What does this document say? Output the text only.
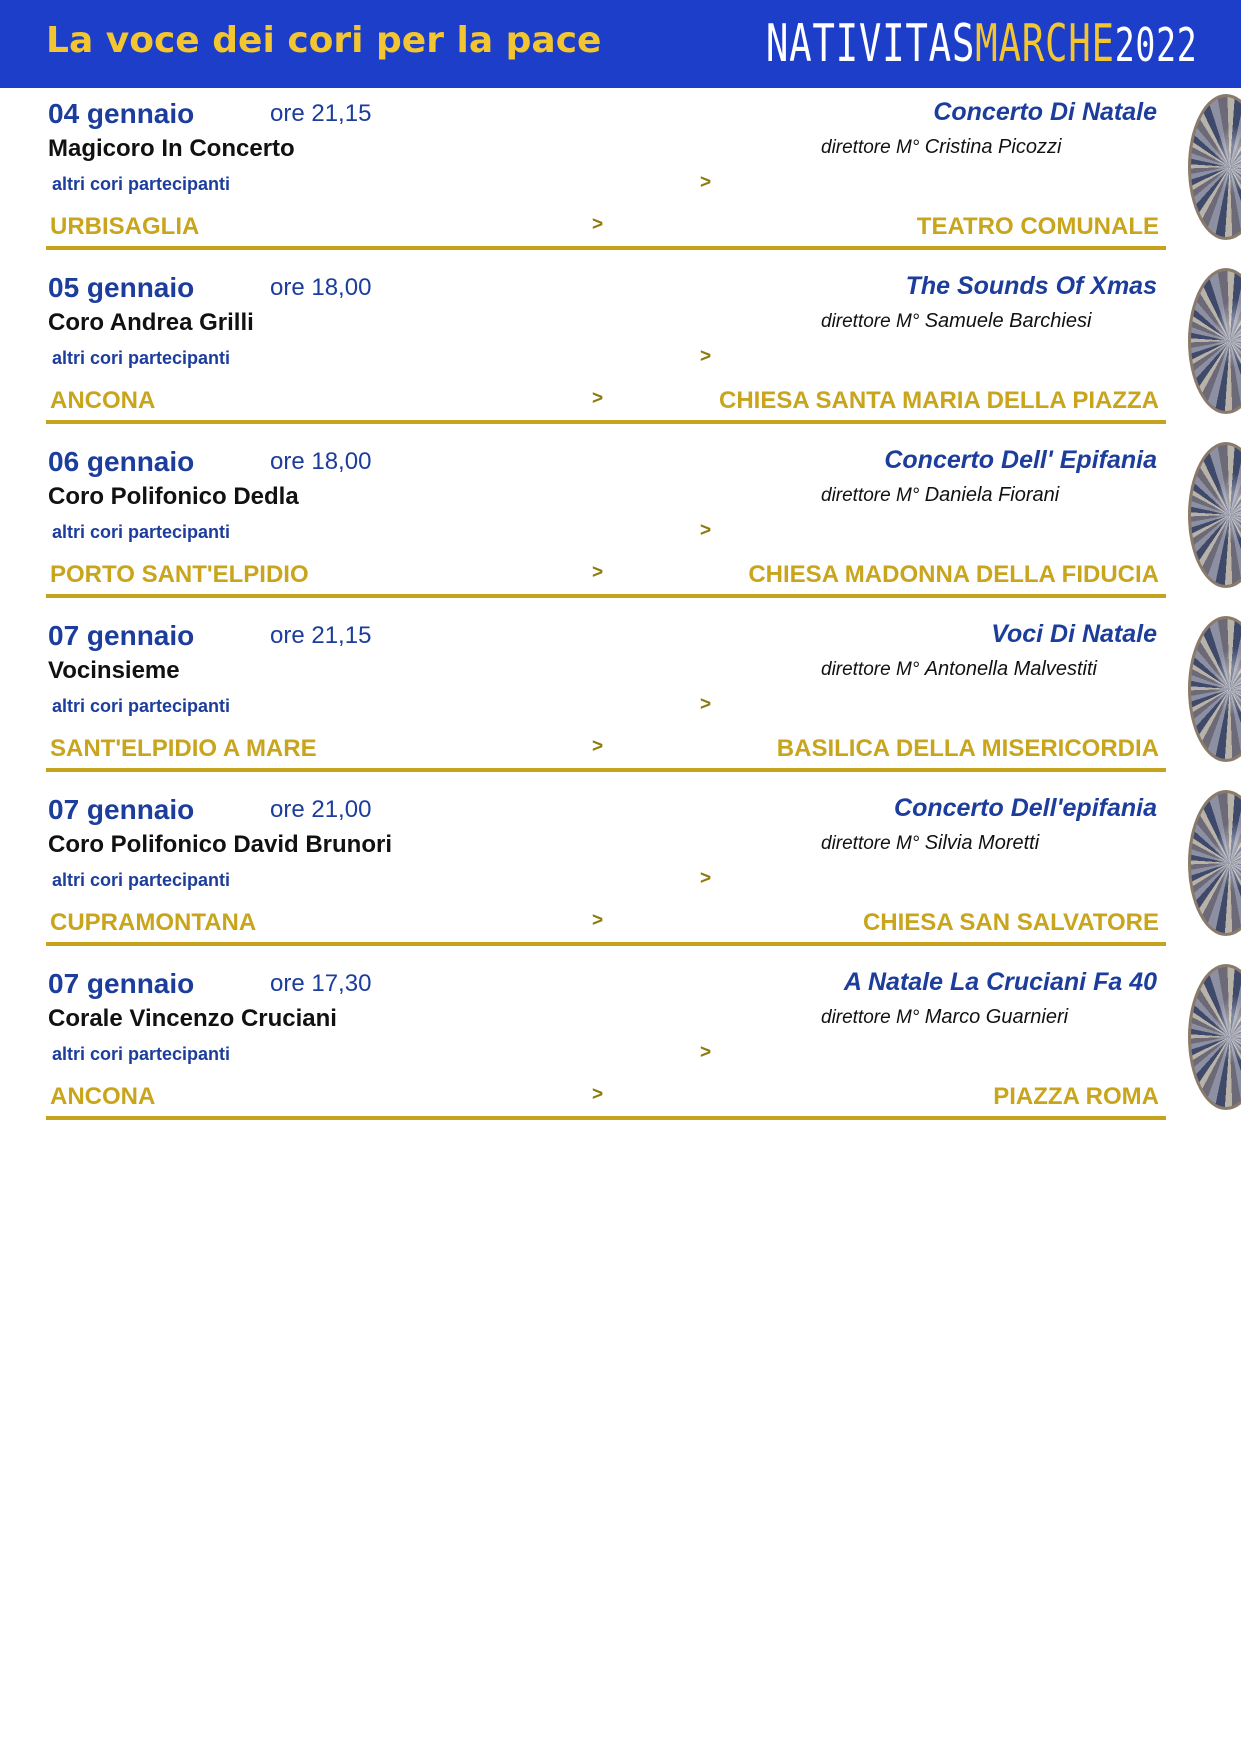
La voce dei cori per la pace	NATIVITASMARCHE2022
04 gennaio	ore 21,15	Concerto Di Natale
Magicoro In Concerto	direttore M° Cristina Picozzi
altri cori partecipanti	>
URBISAGLIA	>	TEATRO COMUNALE
05 gennaio	ore 18,00	The Sounds Of Xmas
Coro Andrea Grilli	direttore M° Samuele Barchiesi
altri cori partecipanti	>
ANCONA	>	CHIESA SANTA MARIA DELLA PIAZZA
06 gennaio	ore 18,00	Concerto Dell' Epifania
Coro Polifonico Dedla	direttore M° Daniela Fiorani
altri cori partecipanti	>
PORTO SANT'ELPIDIO	>	CHIESA MADONNA DELLA FIDUCIA
07 gennaio	ore 21,15	Voci Di Natale
Vocinsieme	direttore M° Antonella Malvestiti
altri cori partecipanti	>
SANT'ELPIDIO A MARE	>	BASILICA DELLA MISERICORDIA
07 gennaio	ore 21,00	Concerto Dell'epifania
Coro Polifonico David Brunori	direttore M° Silvia Moretti
altri cori partecipanti	>
CUPRAMONTANA	>	CHIESA SAN SALVATORE
07 gennaio	ore 17,30	A Natale La Cruciani Fa 40
Corale Vincenzo Cruciani	direttore M° Marco Guarnieri
altri cori partecipanti	>
ANCONA	>	PIAZZA ROMA
